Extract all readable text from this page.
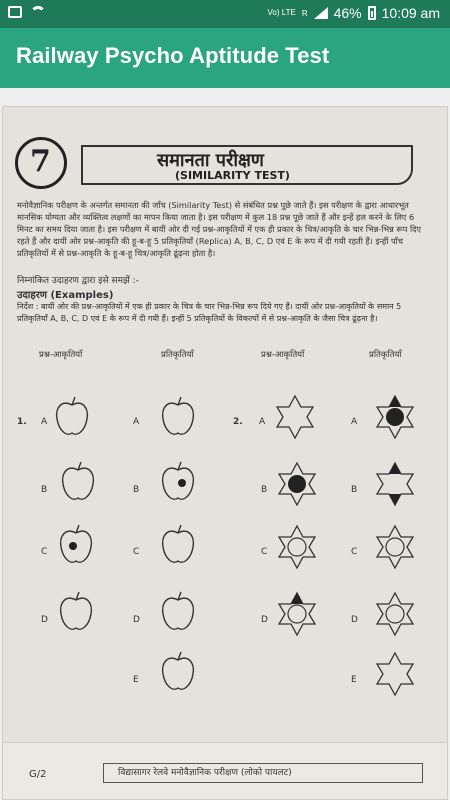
Vo) LTE R 46% 10:09 am
Railway Psycho Aptitude Test
7	समानता परीक्षण
(SIMILARITY TEST)
मनोवैज्ञानिक परीक्षण के अन्तर्गत समानता की जाँच (Similarity Test) से संबंधित प्रश्न पूछे जाते हैं। इस परीक्षण के द्वारा आधारभूत मानसिक योग्यता और व्यक्तित्व लक्षणों का मापन किया जाता है। इस परीक्षण में कुल 18 प्रश्न पूछे जाते हैं और इन्हें हल करने के लिए 6 मिनट का समय दिया जाता है। इस परीक्षण में बायीं ओर दी गई प्रश्न-आकृतियों में एक ही प्रकार के चित्र/आकृति के चार भिन्न-भिन्न रूप दिए रहते हैं और दायीं ओर प्रश्न-आकृति की हू-ब-हू 5 प्रतिकृतियाँ (Replica) A, B, C, D एवं E के रूप में दी गयी रहती हैं। इन्हीं पाँच प्रतिकृतियों में से प्रश्न-आकृति के हू-ब-हू चित्र/आकृति ढूंढ़ना होता है।
निम्नांकित उदाहरण द्वारा इसे समझें :-
उदाहरण (Examples)
निर्देश : बायीं ओर की प्रश्न-आकृतियों में एक ही प्रकार के चित्र के चार भिन्न-भिन्न रूप दिये गए हैं। दायीं ओर प्रश्न-आकृतियों के समान 5 प्रतिकृतियाँ A, B, C, D एवं E के रूप में दी गयी हैं। इन्हीं 5 प्रतिकृतियों के विकल्पों में से प्रश्न-आकृति के जैसा चित्र ढूंढ़ना है।
प्रश्न-आकृतियाँ	प्रतिकृतियाँ	प्रश्न-आकृतियाँ	प्रतिकृतियाँ
1.	2.
A
B
C
D
A
B
C
D
E
A
B
C
D
A
B
C
D
E
G/2	विद्यासागर रेलवे मनोवैज्ञानिक परीक्षण (लोको पायलट)
